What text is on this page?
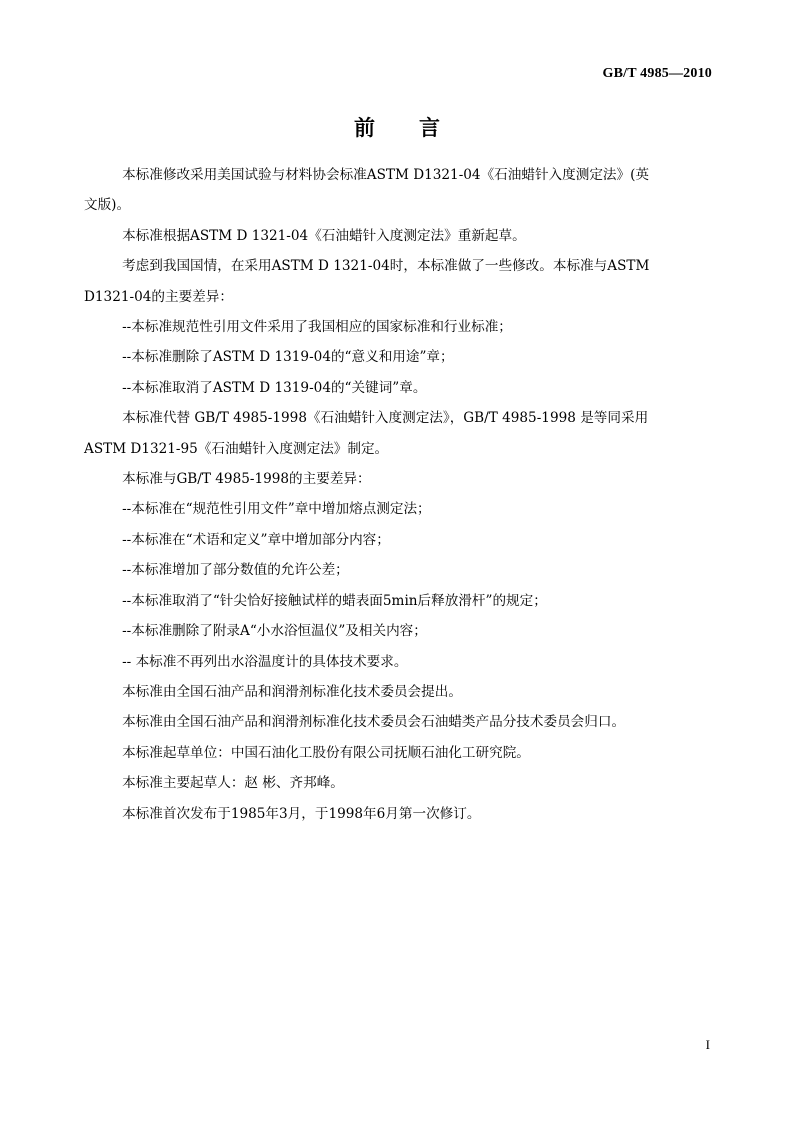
GB/T 4985—2010
前 言

本标准修改采用美国试验与材料协会标准ASTM D1321-04《石油蜡针入度测定法》(英

文版)。

本标准根据ASTM D 1321-04《石油蜡针入度测定法》重新起草。

考虑到我国国情，在采用ASTM D 1321-04时，本标准做了一些修改。本标准与ASTM

D1321-04的主要差异：

--本标准规范性引用文件采用了我国相应的国家标准和行业标准；

--本标准删除了ASTM D 1319-04的“意义和用途”章；

--本标准取消了ASTM D 1319-04的“关键词”章。

本标准代替 GB/T 4985-1998《石油蜡针入度测定法》，GB/T 4985-1998 是等同采用

ASTM D1321-95《石油蜡针入度测定法》制定。

本标准与GB/T 4985-1998的主要差异：

--本标准在“规范性引用文件”章中增加熔点测定法；

--本标准在“术语和定义”章中增加部分内容；

--本标准增加了部分数值的允许公差；

--本标准取消了“针尖恰好接触试样的蜡表面5min后释放滑杆”的规定；

--本标准删除了附录A“小水浴恒温仪”及相关内容；

-- 本标准不再列出水浴温度计的具体技术要求。

本标准由全国石油产品和润滑剂标准化技术委员会提出。

本标准由全国石油产品和润滑剂标准化技术委员会石油蜡类产品分技术委员会归口。

本标准起草单位：中国石油化工股份有限公司抚顺石油化工研究院。

本标准主要起草人：赵 彬、齐邦峰。

本标准首次发布于1985年3月，于1998年6月第一次修订。

I
